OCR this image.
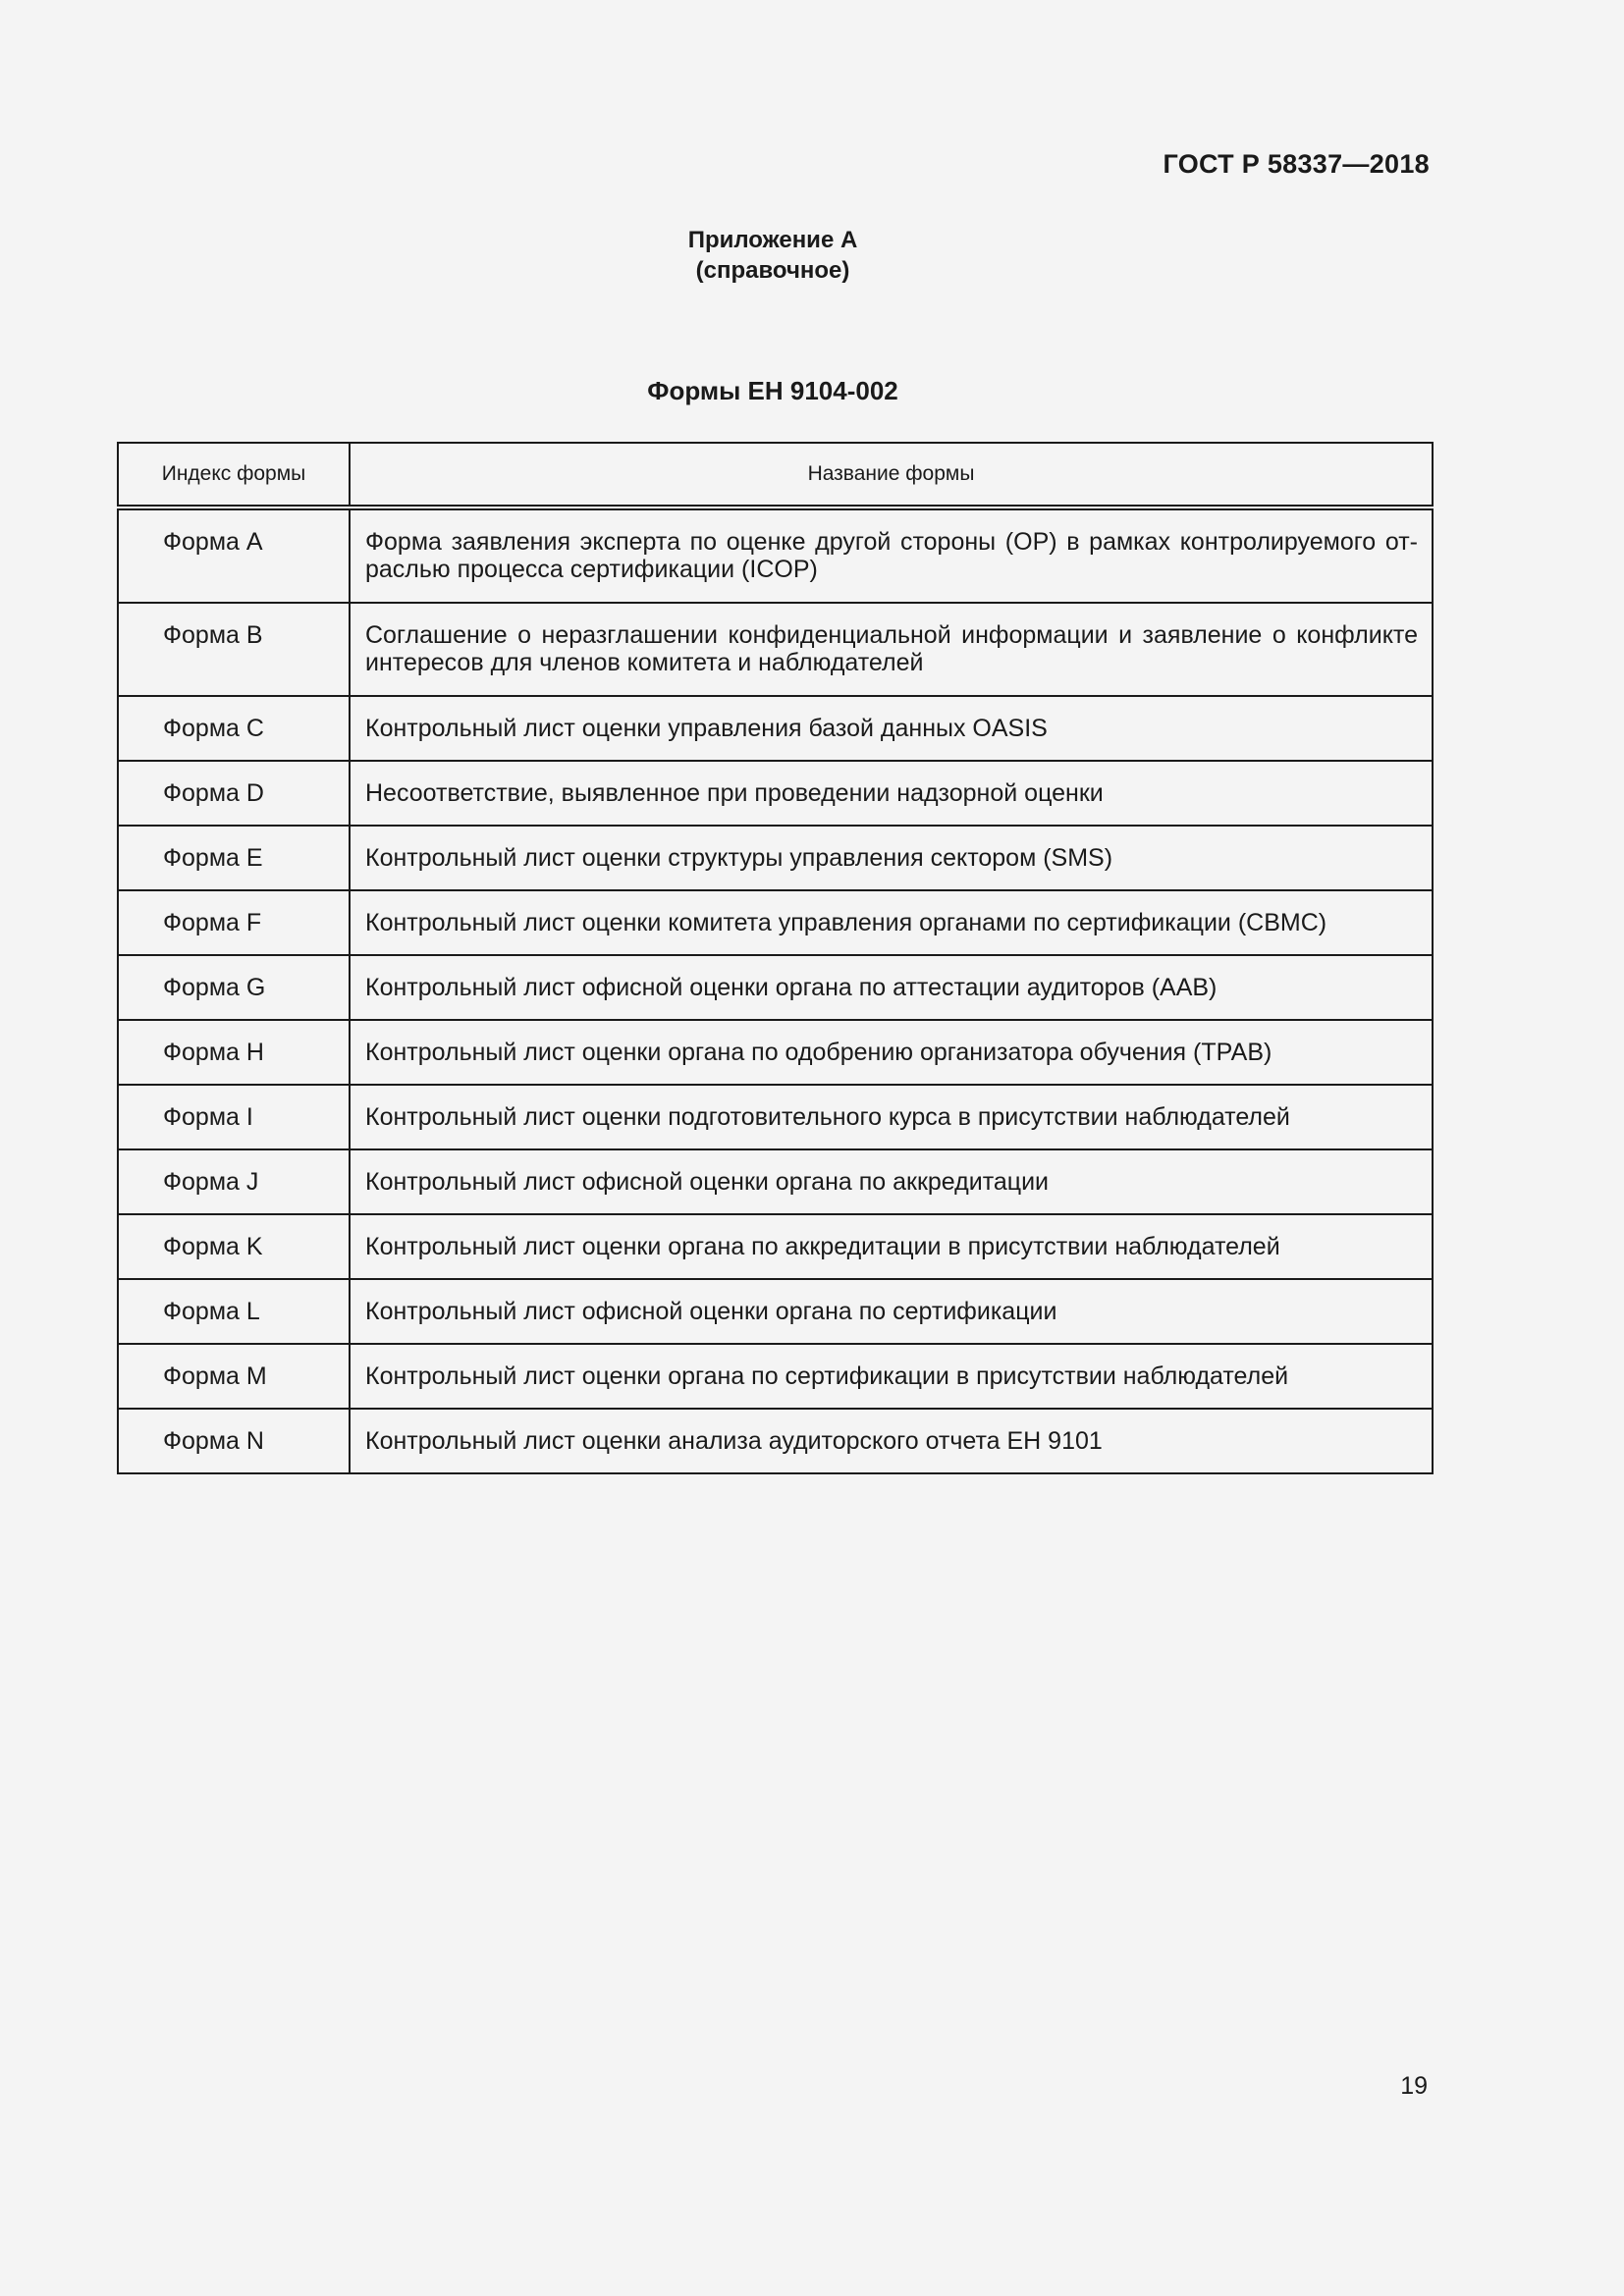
ГОСТ Р 58337—2018
Приложение А
(справочное)
Формы ЕН 9104-002
Индекс формы	Название формы
Форма А	Форма заявления эксперта по оценке другой стороны (ОР) в рамках контролируемого отраслью процесса сертификации (ICOP)
Форма В	Соглашение о неразглашении конфиденциальной информации и заявление о конфликте интересов для членов комитета и наблюдателей
Форма С	Контрольный лист оценки управления базой данных OASIS
Форма D	Несоответствие, выявленное при проведении надзорной оценки
Форма Е	Контрольный лист оценки структуры управления сектором (SMS)
Форма F	Контрольный лист оценки комитета управления органами по сертификации (СВМС)
Форма G	Контрольный лист офисной оценки органа по аттестации аудиторов (ААВ)
Форма Н	Контрольный лист оценки органа по одобрению организатора обучения (ТРАВ)
Форма I	Контрольный лист оценки подготовительного курса в присутствии наблюдателей
Форма J	Контрольный лист офисной оценки органа по аккредитации
Форма K	Контрольный лист оценки органа по аккредитации в присутствии наблюдателей
Форма L	Контрольный лист офисной оценки органа по сертификации
Форма М	Контрольный лист оценки органа по сертификации в присутствии наблюдателей
Форма N	Контрольный лист оценки анализа аудиторского отчета ЕН 9101
19
